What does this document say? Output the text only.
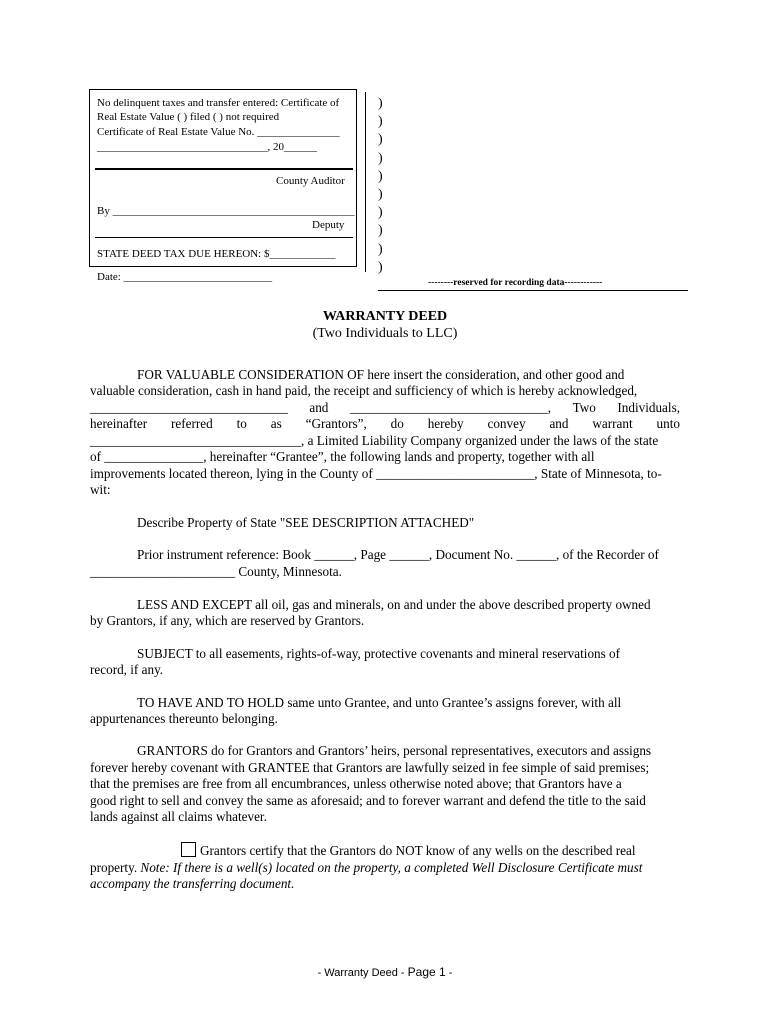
No delinquent taxes and transfer entered: Certificate of
Real Estate Value ( ) filed ( ) not required
Certificate of Real Estate Value No. _______________
_______________________________, 20______
County Auditor
By ____________________________________________
Deputy
STATE DEED TAX DUE HEREON: $____________
Date: ___________________________
)
)
)
)
)
)
)
)
)
)
--------reserved for recording data------------
WARRANTY DEED
(Two Individuals to LLC)
FOR VALUABLE CONSIDERATION OF here insert the consideration, and other good and
valuable consideration, cash in hand paid, the receipt and sufficiency of which is hereby acknowledged,
______________________________ and ______________________________, Two Individuals,
hereinafter referred to as “Grantors”, do hereby convey and warrant unto
________________________________, a Limited Liability Company organized under the laws of the state
of _______________, hereinafter “Grantee”, the following lands and property, together with all
improvements located thereon, lying in the County of ________________________, State of Minnesota, to-
wit:
Describe Property of State "SEE DESCRIPTION ATTACHED"
Prior instrument reference: Book ______, Page ______, Document No. ______, of the Recorder of
______________________ County, Minnesota.
LESS AND EXCEPT all oil, gas and minerals, on and under the above described property owned
by Grantors, if any, which are reserved by Grantors.
SUBJECT to all easements, rights-of-way, protective covenants and mineral reservations of
record, if any.
TO HAVE AND TO HOLD same unto Grantee, and unto Grantee’s assigns forever, with all
appurtenances thereunto belonging.
GRANTORS do for Grantors and Grantors’ heirs, personal representatives, executors and assigns
forever hereby covenant with GRANTEE that Grantors are lawfully seized in fee simple of said premises;
that the premises are free from all encumbrances, unless otherwise noted above; that Grantors have a
good right to sell and convey the same as aforesaid; and to forever warrant and defend the title to the said
lands against all claims whatever.
Grantors certify that the Grantors do NOT know of any wells on the described real
property. Note: If there is a well(s) located on the property, a completed Well Disclosure Certificate must
accompany the transferring document.
- Warranty Deed - Page 1 -
